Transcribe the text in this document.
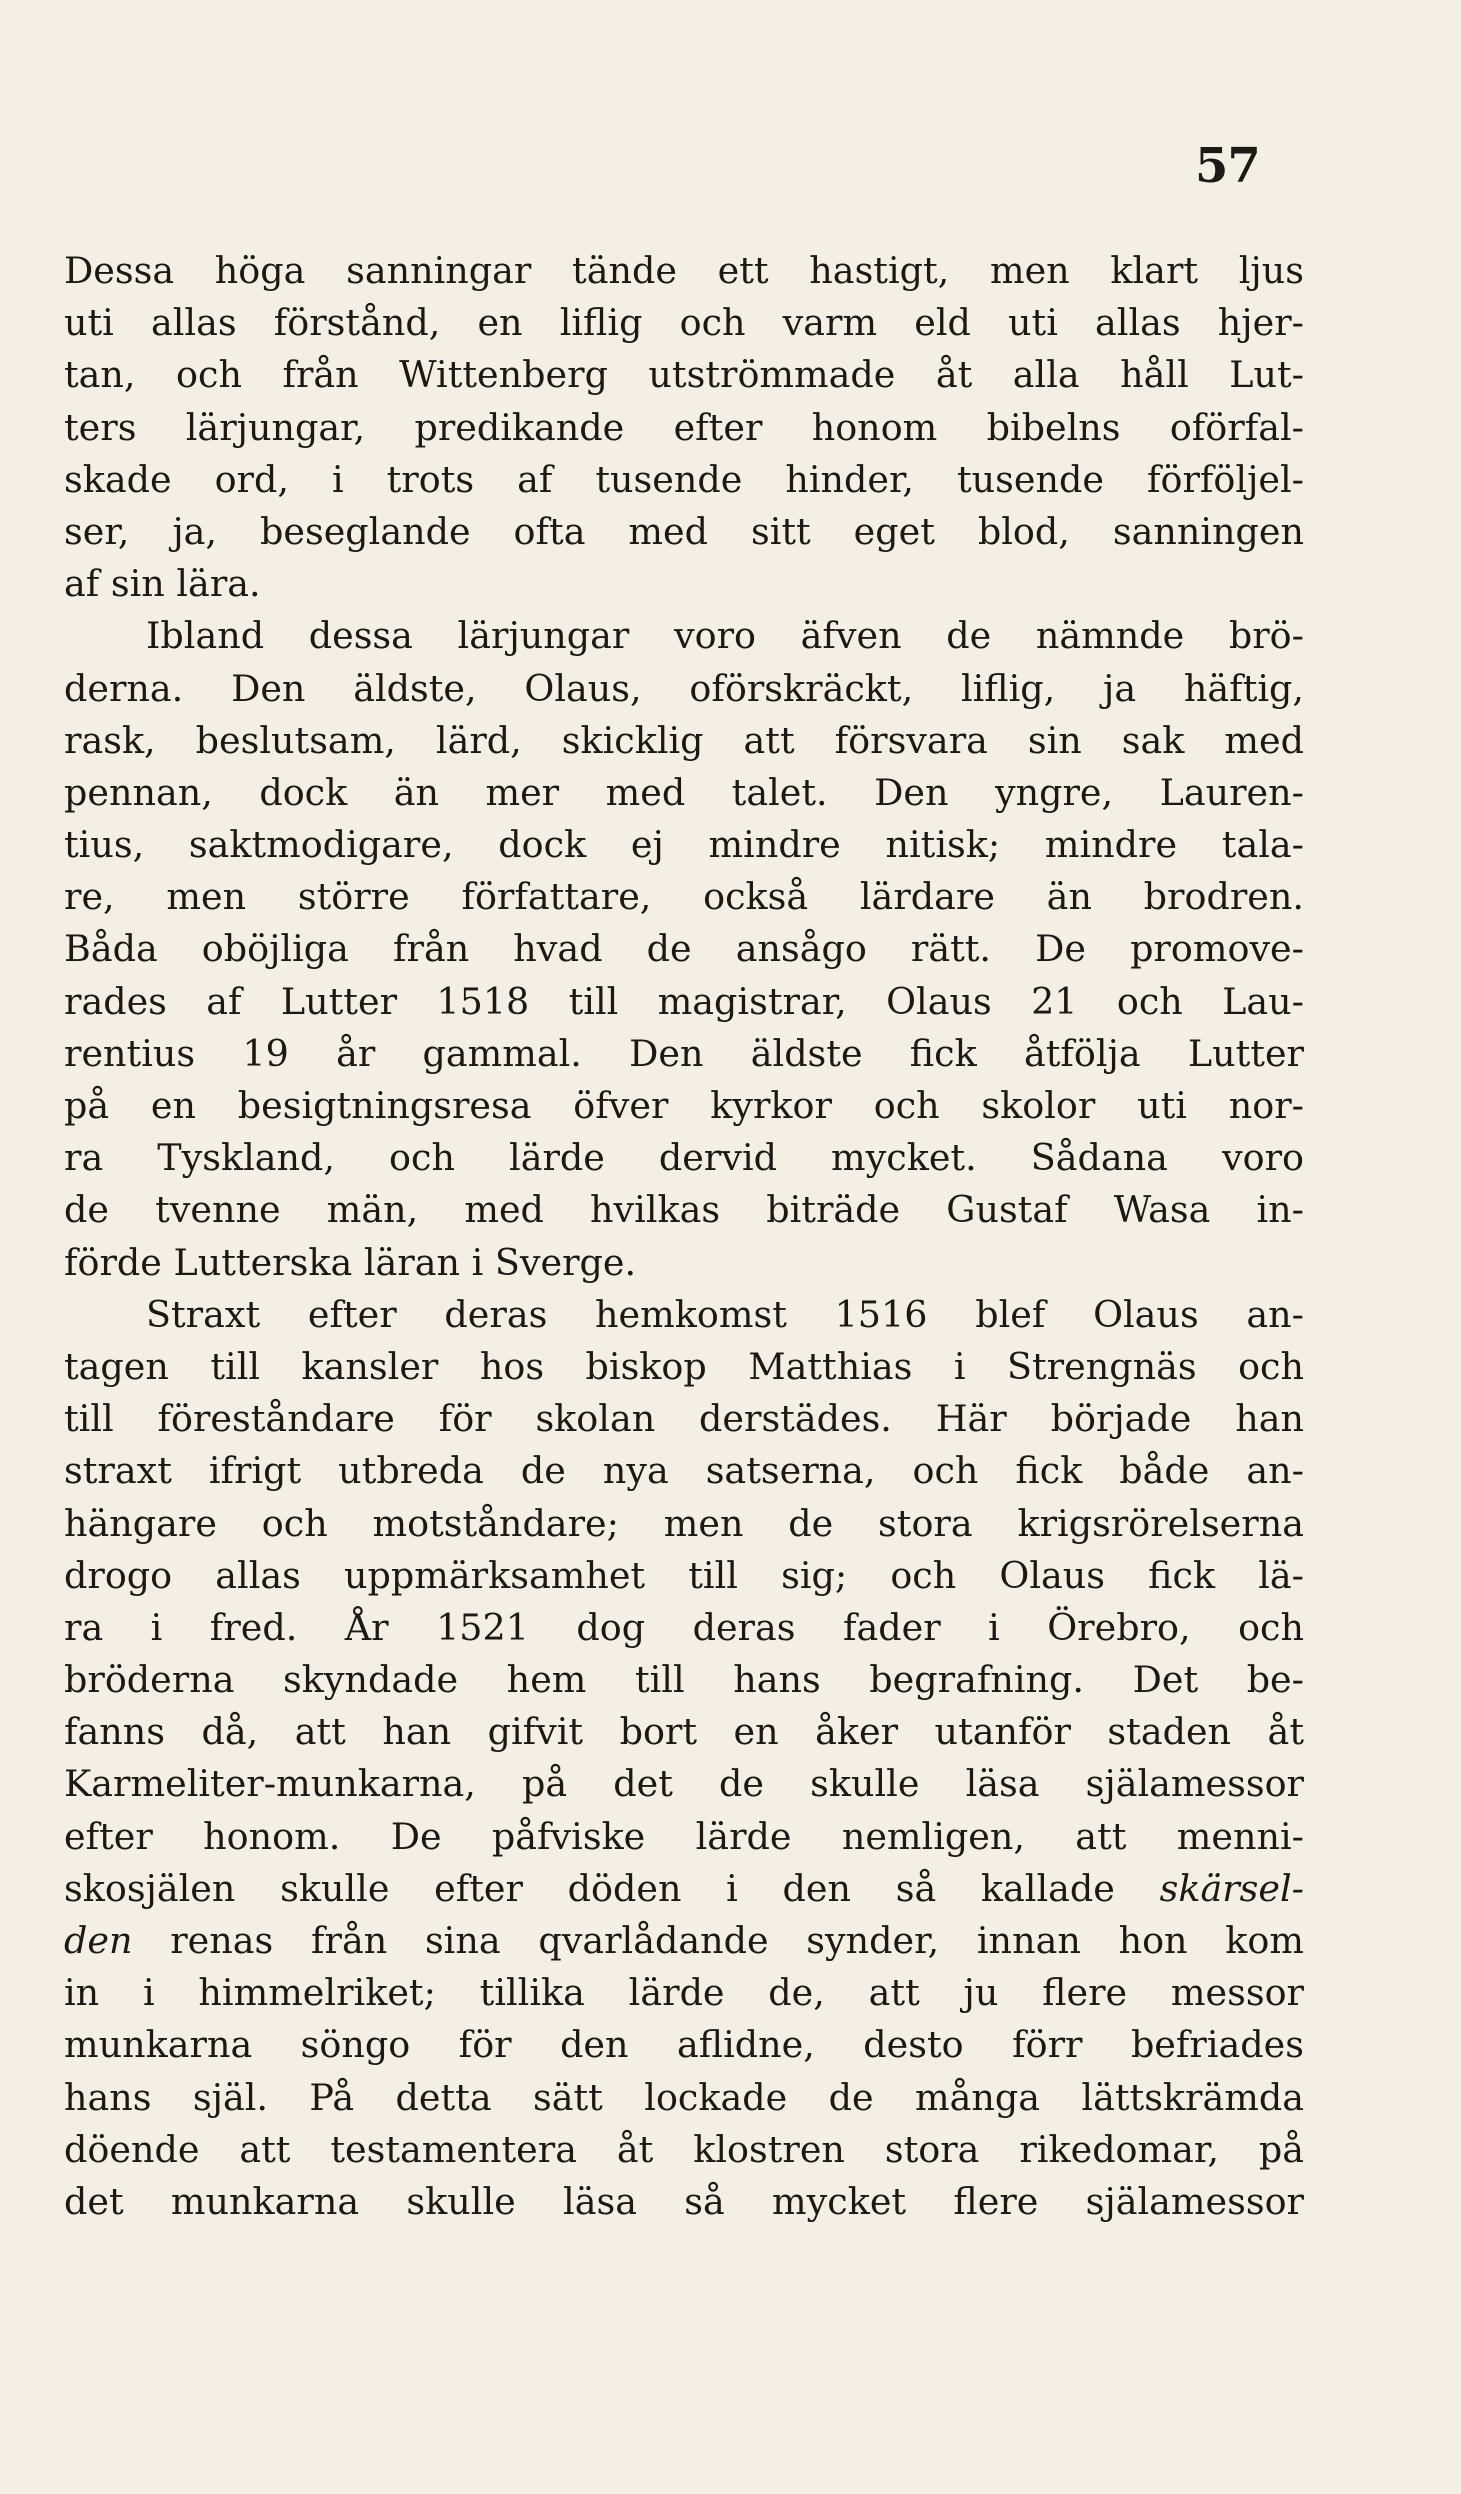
57
Dessa höga sanningar tände ett hastigt, men klart ljus
uti allas förstånd, en liflig och varm eld uti allas hjer-
tan, och från Wittenberg utströmmade åt alla håll Lut-
ters lärjungar, predikande efter honom bibelns oförfal-
skade ord, i trots af tusende hinder, tusende förföljel-
ser, ja, beseglande ofta med sitt eget blod, sanningen
af sin lära.
Ibland dessa lärjungar voro äfven de nämnde brö-
derna. Den äldste, Olaus, oförskräckt, liflig, ja häftig,
rask, beslutsam, lärd, skicklig att försvara sin sak med
pennan, dock än mer med talet. Den yngre, Lauren-
tius, saktmodigare, dock ej mindre nitisk; mindre tala-
re, men större författare, också lärdare än brodren.
Båda oböjliga från hvad de ansågo rätt. De promove-
rades af Lutter 1518 till magistrar, Olaus 21 och Lau-
rentius 19 år gammal. Den äldste fick åtfölja Lutter
på en besigtningsresa öfver kyrkor och skolor uti nor-
ra Tyskland, och lärde dervid mycket. Sådana voro
de tvenne män, med hvilkas biträde Gustaf Wasa in-
förde Lutterska läran i Sverge.
Straxt efter deras hemkomst 1516 blef Olaus an-
tagen till kansler hos biskop Matthias i Strengnäs och
till föreståndare för skolan derstädes. Här började han
straxt ifrigt utbreda de nya satserna, och fick både an-
hängare och motståndare; men de stora krigsrörelserna
drogo allas uppmärksamhet till sig; och Olaus fick lä-
ra i fred. År 1521 dog deras fader i Örebro, och
bröderna skyndade hem till hans begrafning. Det be-
fanns då, att han gifvit bort en åker utanför staden åt
Karmeliter-munkarna, på det de skulle läsa själamessor
efter honom. De påfviske lärde nemligen, att menni-
skosjälen skulle efter döden i den så kallade skärsel-
den renas från sina qvarlådande synder, innan hon kom
in i himmelriket; tillika lärde de, att ju flere messor
munkarna söngo för den aflidne, desto förr befriades
hans själ. På detta sätt lockade de många lättskrämda
döende att testamentera åt klostren stora rikedomar, på
det munkarna skulle läsa så mycket flere själamessor
